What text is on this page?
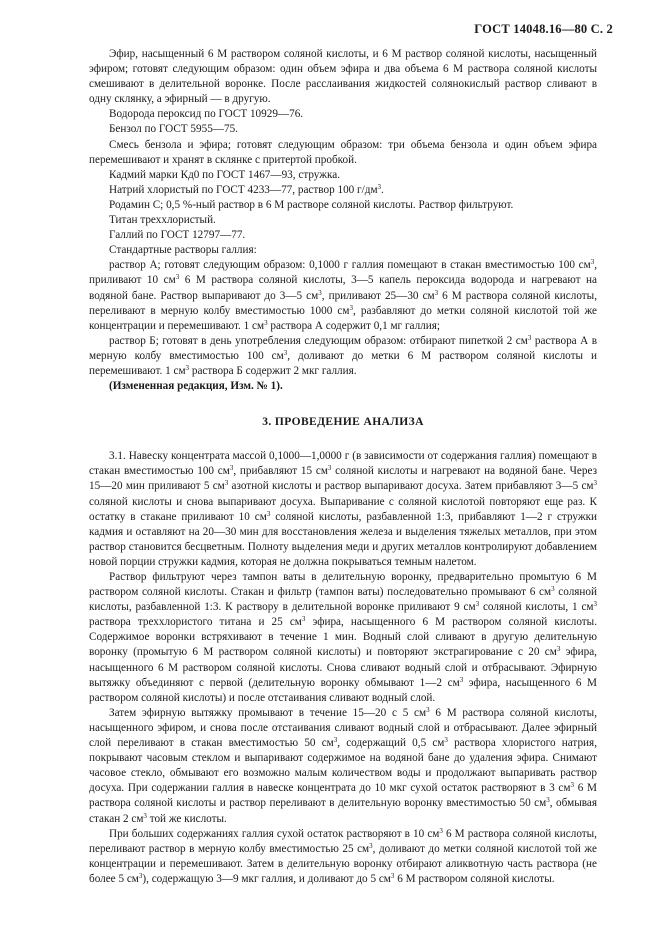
ГОСТ 14048.16—80 С. 2

Эфир, насыщенный 6 М раствором соляной кислоты, и 6 М раствор соляной кислоты, насыщенный эфиром; готовят следующим образом: один объем эфира и два объема 6 М раствора соляной кислоты смешивают в делительной воронке. После расслаивания жидкостей солянокислый раствор сливают в одну склянку, а эфирный — в другую.

Водорода пероксид по ГОСТ 10929—76.

Бензол по ГОСТ 5955—75.

Смесь бензола и эфира; готовят следующим образом: три объема бензола и один объем эфира перемешивают и хранят в склянке с притертой пробкой.

Кадмий марки Кд0 по ГОСТ 1467—93, стружка.

Натрий хлористый по ГОСТ 4233—77, раствор 100 $г/дм^3$.

Родамин С; 0,5 %-ный раствор в 6 М растворе соляной кислоты. Раствор фильтруют.

Титан треххлористый.

Галлий по ГОСТ 12797—77.

Стандартные растворы галлия:

раствор А; готовят следующим образом: 0,1000 г галлия помещают в стакан вместимостью 100 $см^3$, приливают 10 $см^3$ 6 М раствора соляной кислоты, 3—5 капель пероксида водорода и нагревают на водяной бане. Раствор выпаривают до 3—5 $см^3$, приливают 25—30 $см^3$ 6 М раствора соляной кислоты, переливают в мерную колбу вместимостью 1000 $см^3$, разбавляют до метки соляной кислотой той же концентрации и перемешивают. 1 $см^3$ раствора А содержит 0,1 мг галлия;

раствор Б; готовят в день употребления следующим образом: отбирают пипеткой 2 $см^3$ раствора А в мерную колбу вместимостью 100 $см^3$, доливают до метки 6 М раствором соляной кислоты и перемешивают. 1 $см^3$ раствора Б содержит 2 мкг галлия.

(Измененная редакция, Изм. № 1).

3. ПРОВЕДЕНИЕ АНАЛИЗА

3.1. Навеску концентрата массой 0,1000—1,0000 г (в зависимости от содержания галлия) помещают в стакан вместимостью 100 $см^3$, прибавляют 15 $см^3$ соляной кислоты и нагревают на водяной бане. Через 15—20 мин приливают 5 $см^3$ азотной кислоты и раствор выпаривают досуха. Затем прибавляют 3—5 $см^3$ соляной кислоты и снова выпаривают досуха. Выпаривание с соляной кислотой повторяют еще раз. К остатку в стакане приливают 10 $см^3$ соляной кислоты, разбавленной 1:3, прибавляют 1—2 г стружки кадмия и оставляют на 20—30 мин для восстановления железа и выделения тяжелых металлов, при этом раствор становится бесцветным. Полноту выделения меди и других металлов контролируют добавлением новой порции стружки кадмия, которая не должна покрываться темным налетом.

Раствор фильтруют через тампон ваты в делительную воронку, предварительно промытую 6 М раствором соляной кислоты. Стакан и фильтр (тампон ваты) последовательно промывают 6 $см^3$ соляной кислоты, разбавленной 1:3. К раствору в делительной воронке приливают 9 $см^3$ соляной кислоты, 1 $см^3$ раствора треххлористого титана и 25 $см^3$ эфира, насыщенного 6 М раствором соляной кислоты. Содержимое воронки встряхивают в течение 1 мин. Водный слой сливают в другую делительную воронку (промытую 6 М раствором соляной кислоты) и повторяют экстрагирование с 20 $см^3$ эфира, насыщенного 6 М раствором соляной кислоты. Снова сливают водный слой и отбрасывают. Эфирную вытяжку объединяют с первой (делительную воронку обмывают 1—2 $см^3$ эфира, насыщенного 6 М раствором соляной кислоты) и после отстаивания сливают водный слой.

Затем эфирную вытяжку промывают в течение 15—20 с 5 $см^3$ 6 М раствора соляной кислоты, насыщенного эфиром, и снова после отстаивания сливают водный слой и отбрасывают. Далее эфирный слой переливают в стакан вместимостью 50 $см^3$, содержащий 0,5 $см^3$ раствора хлористого натрия, покрывают часовым стеклом и выпаривают содержимое на водяной бане до удаления эфира. Снимают часовое стекло, обмывают его возможно малым количеством воды и продолжают выпаривать раствор досуха. При содержании галлия в навеске концентрата до 10 мкг сухой остаток растворяют в 3 $см^3$ 6 М раствора соляной кислоты и раствор переливают в делительную воронку вместимостью 50 $см^3$, обмывая стакан 2 $см^3$ той же кислоты.

При больших содержаниях галлия сухой остаток растворяют в 10 $см^3$ 6 М раствора соляной кислоты, переливают раствор в мерную колбу вместимостью 25 $см^3$, доливают до метки соляной кислотой той же концентрации и перемешивают. Затем в делительную воронку отбирают аликвотную часть раствора (не более 5 $см^3$), содержащую 3—9 мкг галлия, и доливают до 5 $см^3$ 6 М раствором соляной кислоты.
